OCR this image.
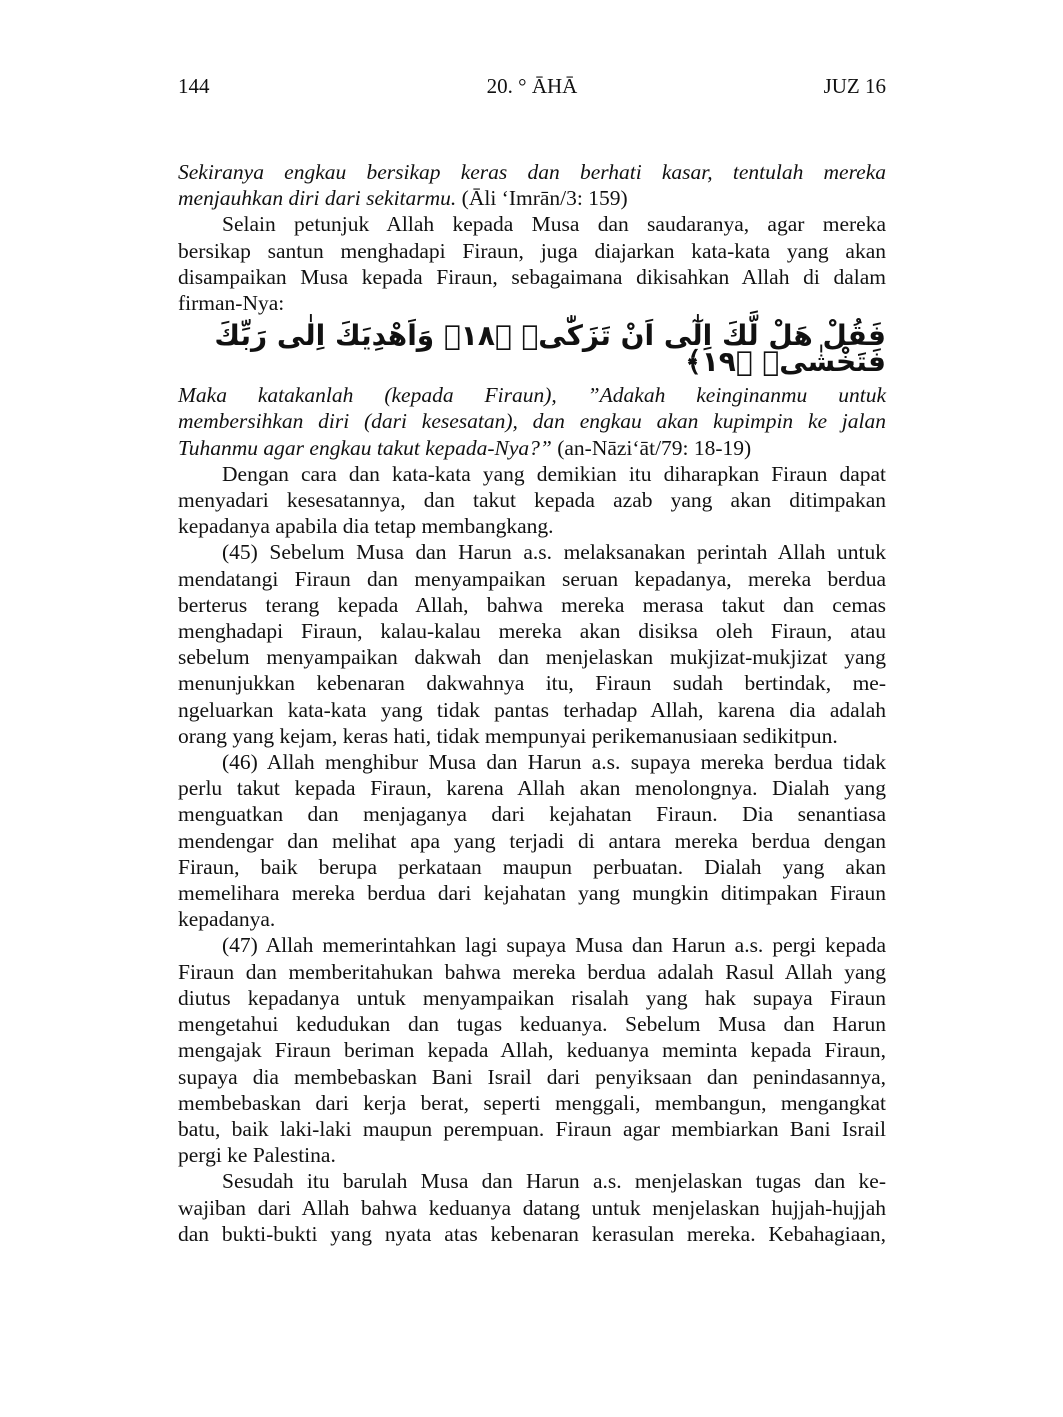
144	20. ° ĀHĀ	JUZ 16
Sekiranya engkau bersikap keras dan berhati kasar, tentulah mereka
menjauhkan diri dari sekitarmu. (Āli ‘Imrān/3: 159)
Selain petunjuk Allah kepada Musa dan saudaranya, agar mereka
bersikap santun menghadapi Firaun, juga diajarkan kata-kata yang akan
disampaikan Musa kepada Firaun, sebagaimana dikisahkan Allah di dalam
firman-Nya:
فَقُلْ هَلْ لَّكَ اِلٰٓى اَنْ تَزَكّٰىۙ ﴿١٨﴾ وَاَهْدِيَكَ اِلٰى رَبِّكَ فَتَخْشٰىۚ ﴿١٩﴾
Maka katakanlah (kepada Firaun), ”Adakah keinginanmu untuk
membersihkan diri (dari kesesatan), dan engkau akan kupimpin ke jalan
Tuhanmu agar engkau takut kepada-Nya?” (an-Nāzi‘āt/79: 18-19)
Dengan cara dan kata-kata yang demikian itu diharapkan Firaun dapat
menyadari kesesatannya, dan takut kepada azab yang akan ditimpakan
kepadanya apabila dia tetap membangkang.
(45) Sebelum Musa dan Harun a.s. melaksanakan perintah Allah untuk
mendatangi Firaun dan menyampaikan seruan kepadanya, mereka berdua
berterus terang kepada Allah, bahwa mereka merasa takut dan cemas
menghadapi Firaun, kalau-kalau mereka akan disiksa oleh Firaun, atau
sebelum menyampaikan dakwah dan menjelaskan mukjizat-mukjizat yang
menunjukkan kebenaran dakwahnya itu, Firaun sudah bertindak, me-
ngeluarkan kata-kata yang tidak pantas terhadap Allah, karena dia adalah
orang yang kejam, keras hati, tidak mempunyai perikemanusiaan sedikitpun.
(46) Allah menghibur Musa dan Harun a.s. supaya mereka berdua tidak
perlu takut kepada Firaun, karena Allah akan menolongnya. Dialah yang
menguatkan dan menjaganya dari kejahatan Firaun. Dia senantiasa
mendengar dan melihat apa yang terjadi di antara mereka berdua dengan
Firaun, baik berupa perkataan maupun perbuatan. Dialah yang akan
memelihara mereka berdua dari kejahatan yang mungkin ditimpakan Firaun
kepadanya.
(47) Allah memerintahkan lagi supaya Musa dan Harun a.s. pergi kepada
Firaun dan memberitahukan bahwa mereka berdua adalah Rasul Allah yang
diutus kepadanya untuk menyampaikan risalah yang hak supaya Firaun
mengetahui kedudukan dan tugas keduanya. Sebelum Musa dan Harun
mengajak Firaun beriman kepada Allah, keduanya meminta kepada Firaun,
supaya dia membebaskan Bani Israil dari penyiksaan dan penindasannya,
membebaskan dari kerja berat, seperti menggali, membangun, mengangkat
batu, baik laki-laki maupun perempuan. Firaun agar membiarkan Bani Israil
pergi ke Palestina.
Sesudah itu barulah Musa dan Harun a.s. menjelaskan tugas dan ke-
wajiban dari Allah bahwa keduanya datang untuk menjelaskan hujjah-hujjah
dan bukti-bukti yang nyata atas kebenaran kerasulan mereka. Kebahagiaan,
